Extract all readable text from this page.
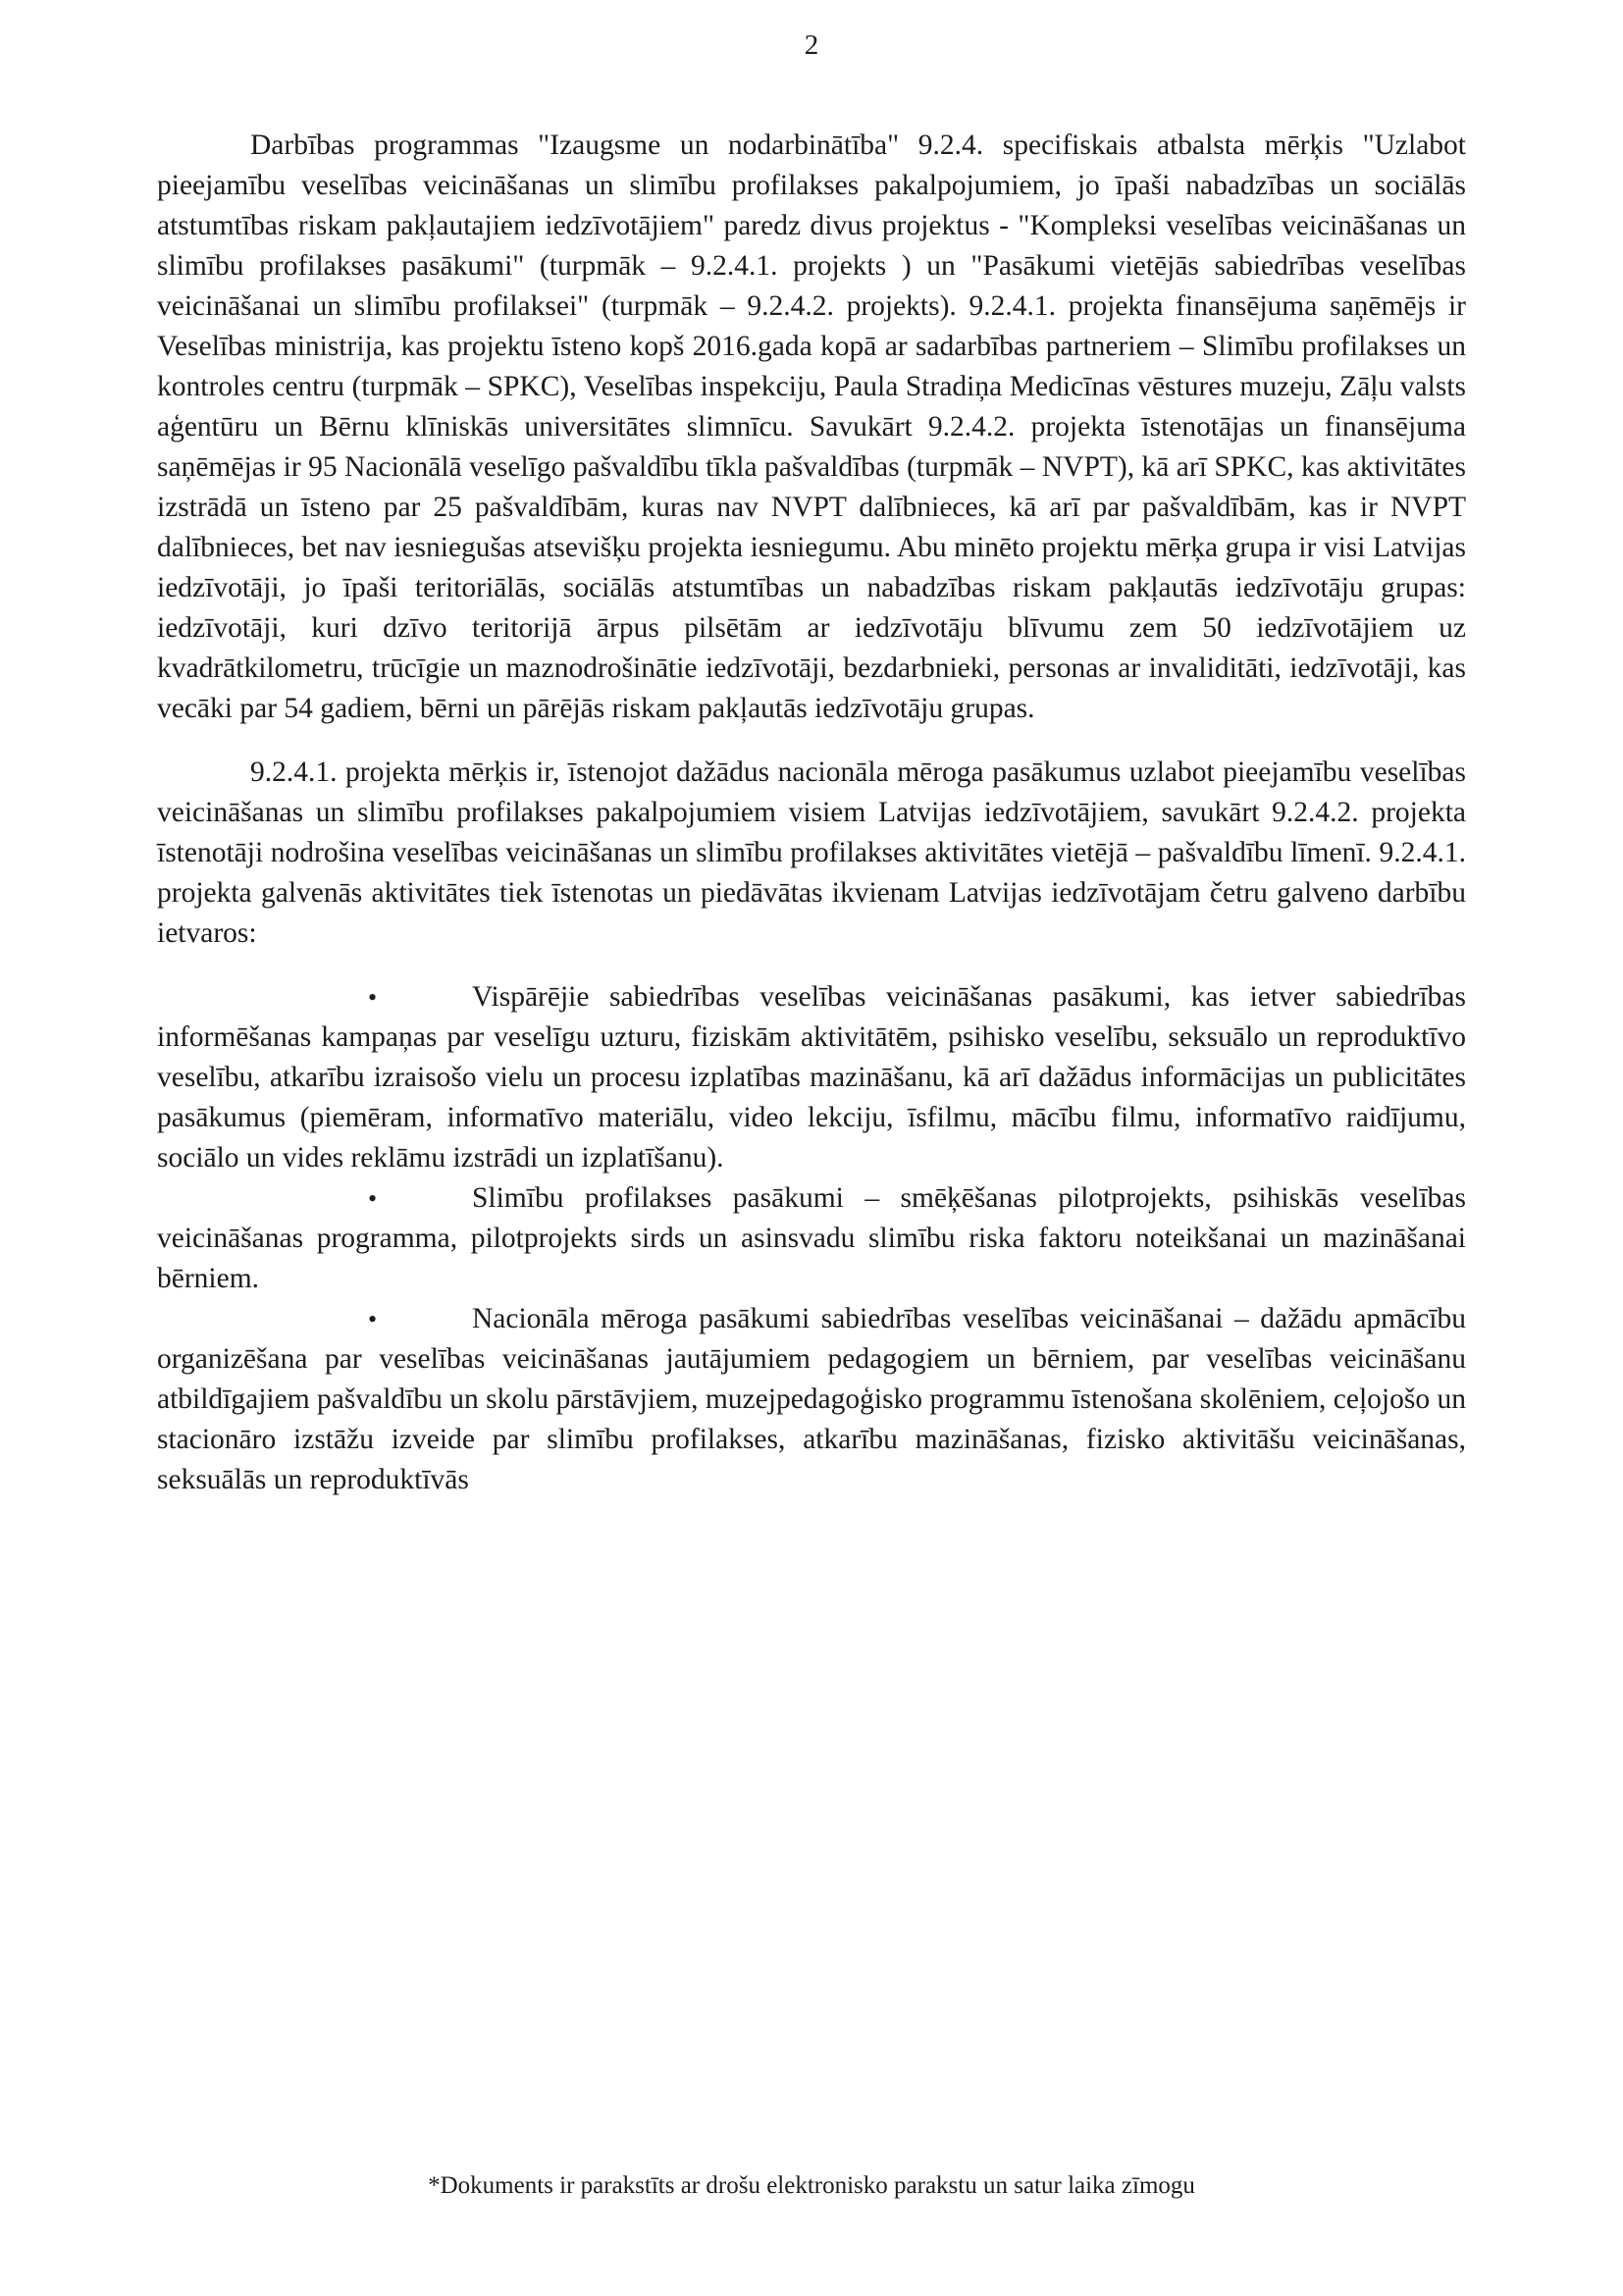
2

Darbības programmas "Izaugsme un nodarbinātība" 9.2.4. specifiskais atbalsta mērķis "Uzlabot pieejamību veselības veicināšanas un slimību profilakses pakalpojumiem, jo īpaši nabadzības un sociālās atstumtības riskam pakļautajiem iedzīvotājiem" paredz divus projektus - "Kompleksi veselības veicināšanas un slimību profilakses pasākumi" (turpmāk – 9.2.4.1. projekts ) un "Pasākumi vietējās sabiedrības veselības veicināšanai un slimību profilaksei" (turpmāk – 9.2.4.2. projekts). 9.2.4.1. projekta finansējuma saņēmējs ir Veselības ministrija, kas projektu īsteno kopš 2016.gada kopā ar sadarbības partneriem – Slimību profilakses un kontroles centru (turpmāk – SPKC), Veselības inspekciju, Paula Stradiņa Medicīnas vēstures muzeju, Zāļu valsts aģentūru un Bērnu klīniskās universitātes slimnīcu. Savukārt 9.2.4.2. projekta īstenotājas un finansējuma saņēmējas ir 95 Nacionālā veselīgo pašvaldību tīkla pašvaldības (turpmāk – NVPT), kā arī SPKC, kas aktivitātes izstrādā un īsteno par 25 pašvaldībām, kuras nav NVPT dalībnieces, kā arī par pašvaldībām, kas ir NVPT dalībnieces, bet nav iesniegušas atsevišķu projekta iesniegumu. Abu minēto projektu mērķa grupa ir visi Latvijas iedzīvotāji, jo īpaši teritoriālās, sociālās atstumtības un nabadzības riskam pakļautās iedzīvotāju grupas: iedzīvotāji, kuri dzīvo teritorijā ārpus pilsētām ar iedzīvotāju blīvumu zem 50 iedzīvotājiem uz kvadrātkilometru, trūcīgie un maznodrošinātie iedzīvotāji, bezdarbnieki, personas ar invaliditāti, iedzīvotāji, kas vecāki par 54 gadiem, bērni un pārējās riskam pakļautās iedzīvotāju grupas.

9.2.4.1. projekta mērķis ir, īstenojot dažādus nacionāla mēroga pasākumus uzlabot pieejamību veselības veicināšanas un slimību profilakses pakalpojumiem visiem Latvijas iedzīvotājiem, savukārt 9.2.4.2. projekta īstenotāji nodrošina veselības veicināšanas un slimību profilakses aktivitātes vietējā – pašvaldību līmenī. 9.2.4.1. projekta galvenās aktivitātes tiek īstenotas un piedāvātas ikvienam Latvijas iedzīvotājam četru galveno darbību ietvaros:

•	Vispārējie sabiedrības veselības veicināšanas pasākumi, kas ietver sabiedrības informēšanas kampaņas par veselīgu uzturu, fiziskām aktivitātēm, psihisko veselību, seksuālo un reproduktīvo veselību, atkarību izraisošo vielu un procesu izplatības mazināšanu, kā arī dažādus informācijas un publicitātes pasākumus (piemēram, informatīvo materiālu, video lekciju, īsfilmu, mācību filmu, informatīvo raidījumu, sociālo un vides reklāmu izstrādi un izplatīšanu).

•	Slimību profilakses pasākumi – smēķēšanas pilotprojekts, psihiskās veselības veicināšanas programma, pilotprojekts sirds un asinsvadu slimību riska faktoru noteikšanai un mazināšanai bērniem.

•	Nacionāla mēroga pasākumi sabiedrības veselības veicināšanai – dažādu apmācību organizēšana par veselības veicināšanas jautājumiem pedagogiem un bērniem, par veselības veicināšanu atbildīgajiem pašvaldību un skolu pārstāvjiem, muzejpedagoģisko programmu īstenošana skolēniem, ceļojošo un stacionāro izstāžu izveide par slimību profilakses, atkarību mazināšanas, fizisko aktivitāšu veicināšanas, seksuālās un reproduktīvās

*Dokuments ir parakstīts ar drošu elektronisko parakstu un satur laika zīmogu
